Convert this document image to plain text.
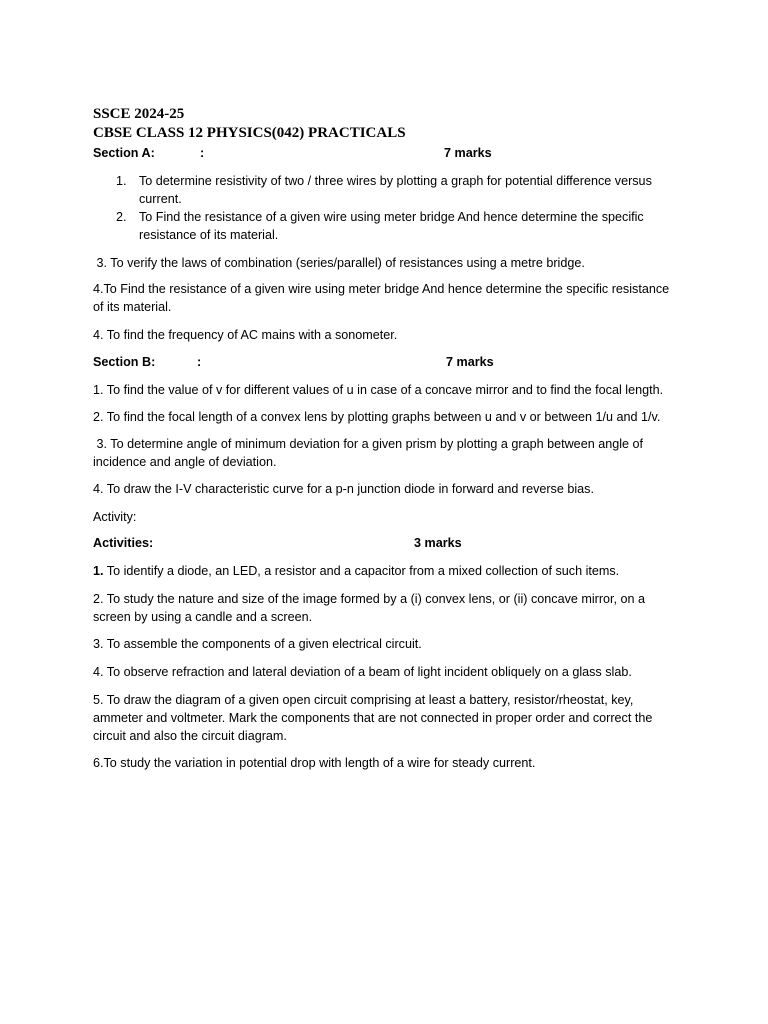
SSCE 2024-25

CBSE CLASS 12 PHYSICS(042) PRACTICALS

Section A:	:	7 marks
1. To determine resistivity of two / three wires by plotting a graph for potential difference versus current.
2. To Find the resistance of a given wire using meter bridge And hence determine the specific resistance of its material.

3. To verify the laws of combination (series/parallel) of resistances using a metre bridge.

4.To Find the resistance of a given wire using meter bridge And hence determine the specific resistance of its material.

4. To find the frequency of AC mains with a sonometer.

Section B:	:	7 marks

1. To find the value of v for different values of u in case of a concave mirror and to find the focal length.

2. To find the focal length of a convex lens by plotting graphs between u and v or between 1/u and 1/v.

3. To determine angle of minimum deviation for a given prism by plotting a graph between angle of incidence and angle of deviation.

4. To draw the I-V characteristic curve for a p-n junction diode in forward and reverse bias.

Activity:

Activities:	3 marks

1. To identify a diode, an LED, a resistor and a capacitor from a mixed collection of such items.

2. To study the nature and size of the image formed by a (i) convex lens, or (ii) concave mirror, on a screen by using a candle and a screen.

3. To assemble the components of a given electrical circuit.

4. To observe refraction and lateral deviation of a beam of light incident obliquely on a glass slab.

5. To draw the diagram of a given open circuit comprising at least a battery, resistor/rheostat, key, ammeter and voltmeter. Mark the components that are not connected in proper order and correct the circuit and also the circuit diagram.

6.To study the variation in potential drop with length of a wire for steady current.
